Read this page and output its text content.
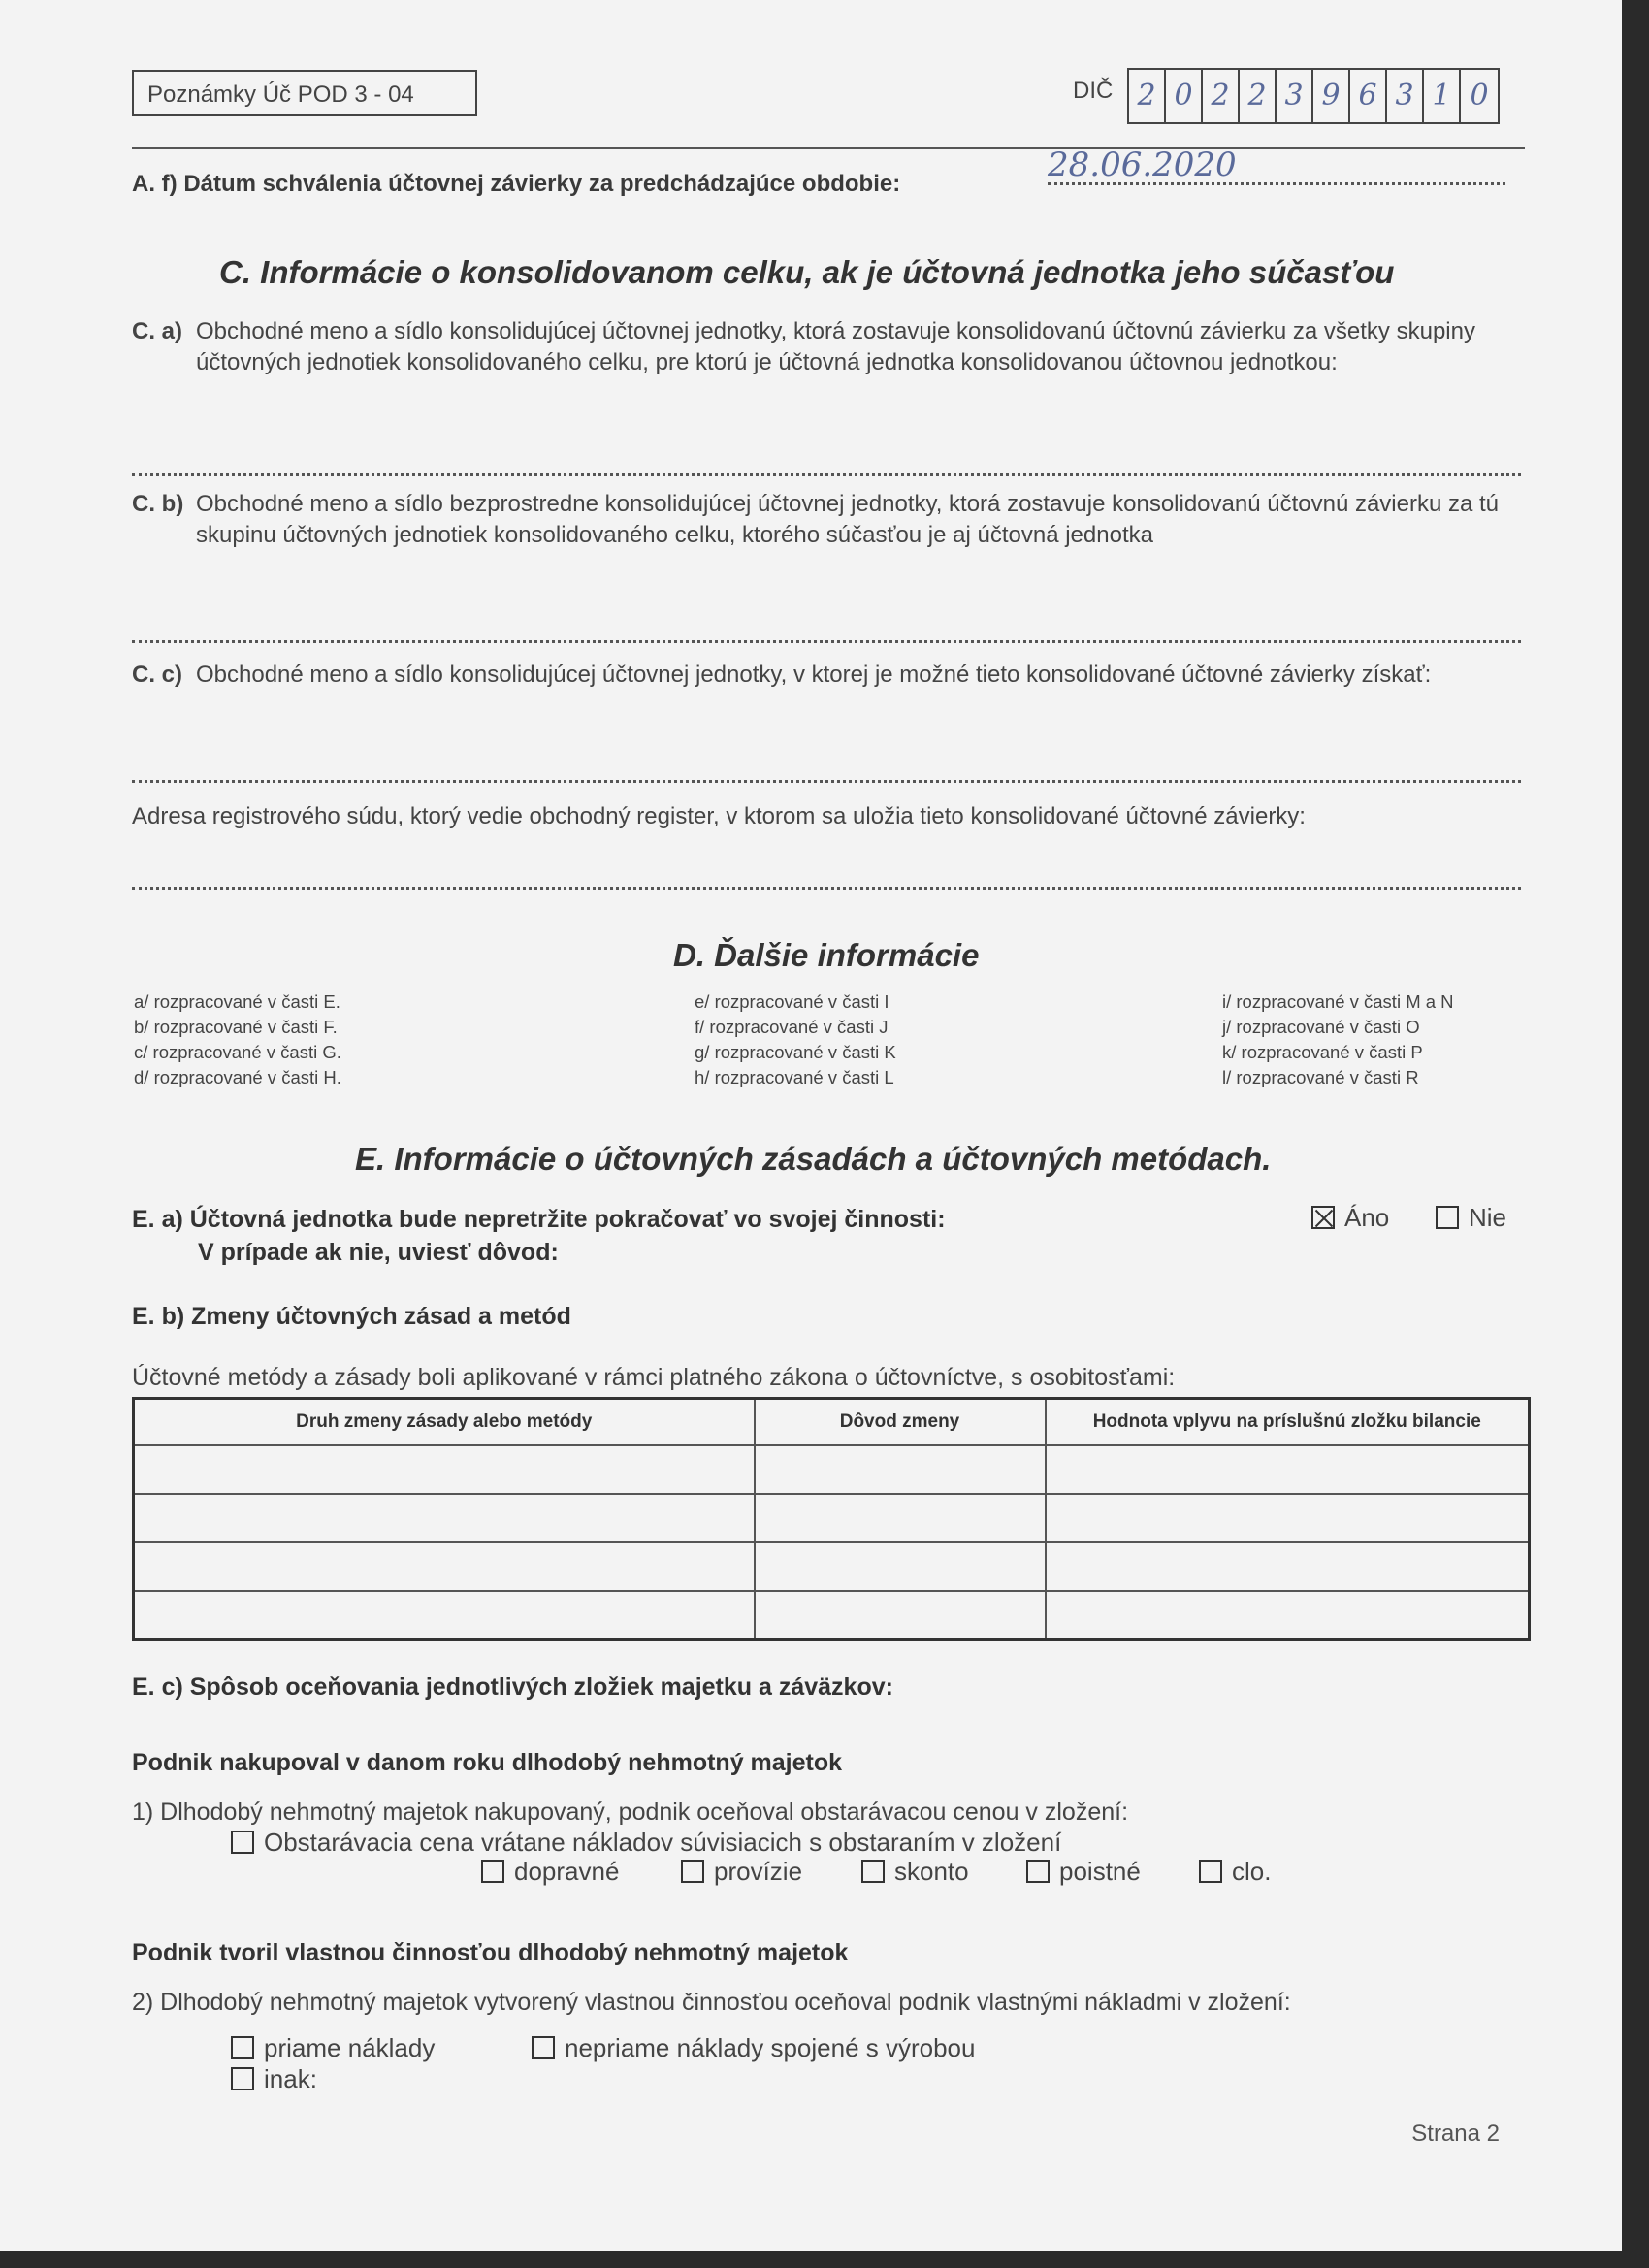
Poznámky Úč POD 3 - 04	DIČ 2 0 2 2 3 9 6 3 1 0
A. f) Dátum schválenia účtovnej závierky za predchádzajúce obdobie:	28.06.2020
C. Informácie o konsolidovanom celku, ak je účtovná jednotka jeho súčasťou
C. a) Obchodné meno a sídlo konsolidujúcej účtovnej jednotky, ktorá zostavuje konsolidovanú účtovnú závierku za všetky skupiny účtovných jednotiek konsolidovaného celku, pre ktorú je účtovná jednotka konsolidovanou účtovnou jednotkou:
C. b) Obchodné meno a sídlo bezprostredne konsolidujúcej účtovnej jednotky, ktorá zostavuje konsolidovanú účtovnú závierku za tú skupinu účtovných jednotiek konsolidovaného celku, ktorého súčasťou je aj účtovná jednotka
C. c) Obchodné meno a sídlo konsolidujúcej účtovnej jednotky, v ktorej je možné tieto konsolidované účtovné závierky získať:
Adresa registrového súdu, ktorý vedie obchodný register, v ktorom sa uložia tieto konsolidované účtovné závierky:
D. Ďalšie informácie
a/ rozpracované v časti E.
b/ rozpracované v časti F.
c/ rozpracované v časti G.
d/ rozpracované v časti H.
e/ rozpracované v časti I
f/ rozpracované v časti J
g/ rozpracované v časti K
h/ rozpracované v časti L
i/ rozpracované v časti M a N
j/ rozpracované v časti O
k/ rozpracované v časti P
l/ rozpracované v časti R
E. Informácie o účtovných zásadách a účtovných metódach.
E. a) Účtovná jednotka bude nepretržite pokračovať vo svojej činnosti:
V prípade ak nie, uviesť dôvod:
Áno	Nie
E. b) Zmeny účtovných zásad a metód
Účtovné metódy a zásady boli aplikované v rámci platného zákona o účtovníctve, s osobitosťami:
Druh zmeny zásady alebo metódy	Dôvod zmeny	Hodnota vplyvu na príslušnú zložku bilancie

E. c) Spôsob oceňovania jednotlivých zložiek majetku a záväzkov:
Podnik nakupoval v danom roku dlhodobý nehmotný majetok
1) Dlhodobý nehmotný majetok nakupovaný, podnik oceňoval obstarávacou cenou v zložení:
Obstarávacia cena vrátane nákladov súvisiacich s obstaraním v zložení
dopravné	provízie	skonto	poistné	clo.
Podnik tvoril vlastnou činnosťou dlhodobý nehmotný majetok
2) Dlhodobý nehmotný majetok vytvorený vlastnou činnosťou oceňoval podnik vlastnými nákladmi v zložení:
priame náklady	nepriame náklady spojené s výrobou
inak:
Strana 2
